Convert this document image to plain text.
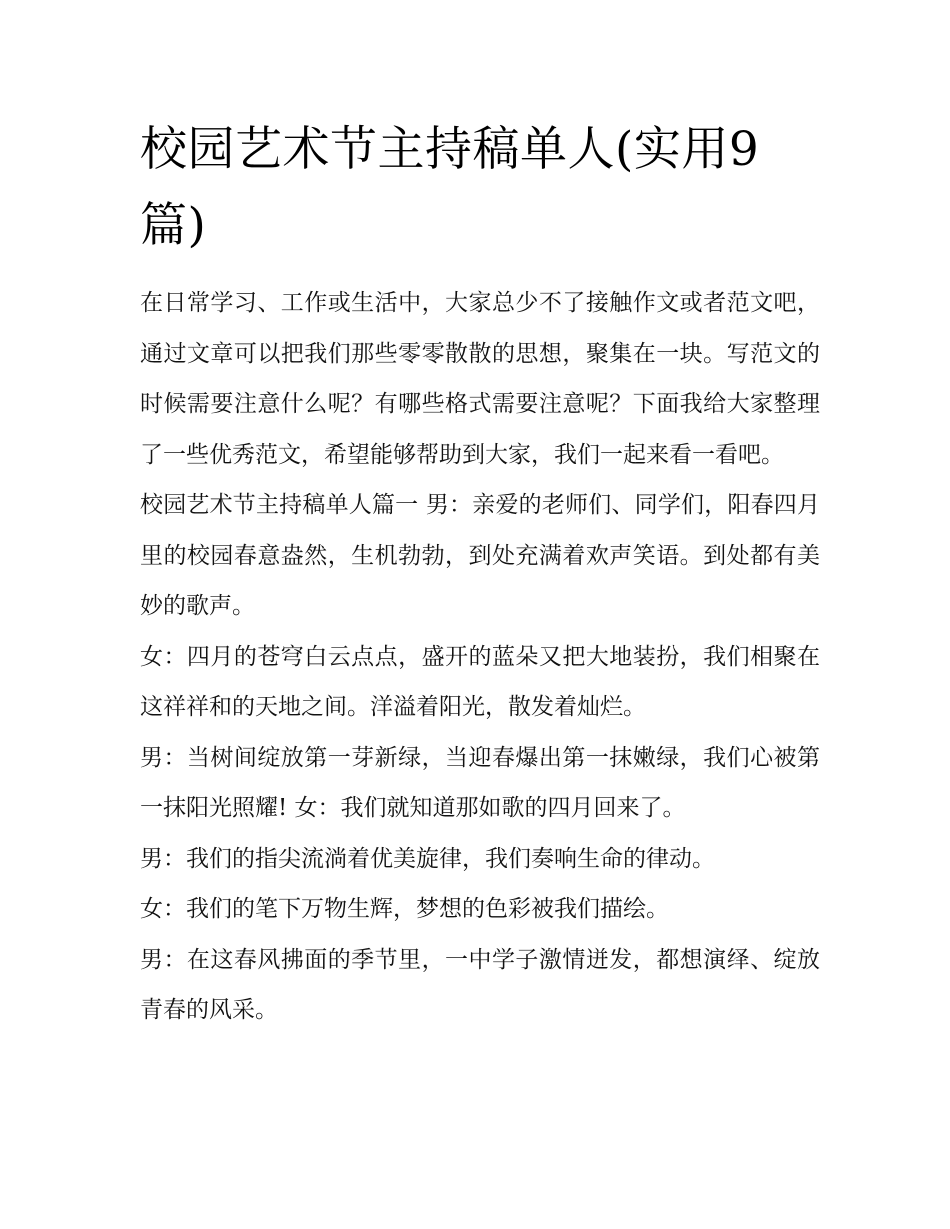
校园艺术节主持稿单人(实用9篇)

在日常学习、工作或生活中，大家总少不了接触作文或者范文吧，通过文章可以把我们那些零零散散的思想，聚集在一块。写范文的时候需要注意什么呢？有哪些格式需要注意呢？下面我给大家整理了一些优秀范文，希望能够帮助到大家，我们一起来看一看吧。

校园艺术节主持稿单人篇一 男：亲爱的老师们、同学们，阳春四月里的校园春意盎然，生机勃勃，到处充满着欢声笑语。到处都有美妙的歌声。

女：四月的苍穹白云点点，盛开的蓝朵又把大地装扮，我们相聚在这祥祥和的天地之间。洋溢着阳光，散发着灿烂。

男：当树间绽放第一芽新绿，当迎春爆出第一抹嫩绿，我们心被第一抹阳光照耀! 女：我们就知道那如歌的四月回来了。

男：我们的指尖流淌着优美旋律，我们奏响生命的律动。

女：我们的笔下万物生辉，梦想的色彩被我们描绘。

男：在这春风拂面的季节里，一中学子激情迸发，都想演绎、绽放青春的风采。
